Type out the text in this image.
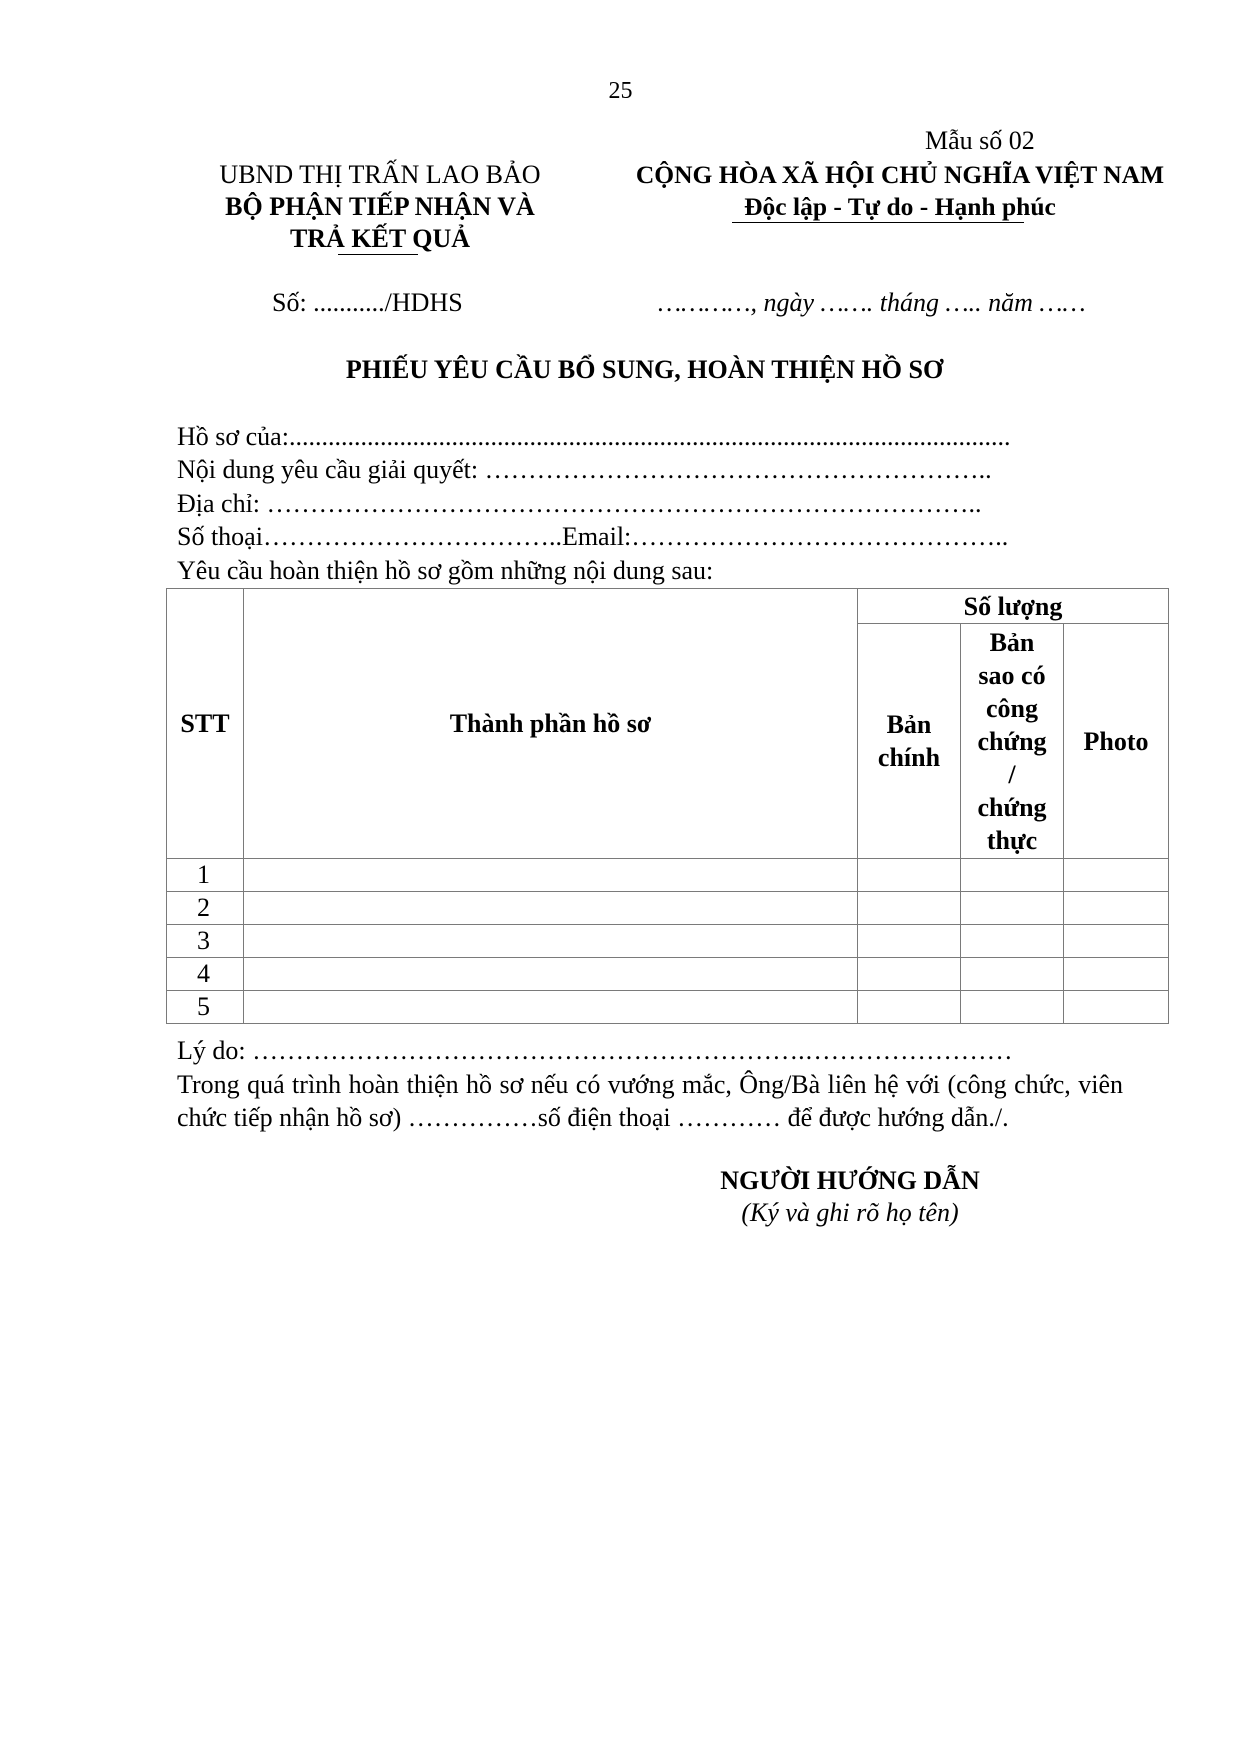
25
Mẫu số 02
UBND THỊ TRẤN LAO BẢO
BỘ PHẬN TIẾP NHẬN VÀ
TRẢ KẾT QUẢ
CỘNG HÒA XÃ HỘI CHỦ NGHĨA VIỆT NAM
Độc lập - Tự do - Hạnh phúc
Số: .........../HDHS	…………, ngày ……. tháng ….. năm ……
PHIẾU YÊU CẦU BỔ SUNG, HOÀN THIỆN HỒ SƠ
Hồ sơ của:...............................................................................................................
Nội dung yêu cầu giải quyết: …………………………………………………..
Địa chỉ: ………………………………………………………………………..
Số thoại……………………………..Email:……………………………………..
Yêu cầu hoàn thiện hồ sơ gồm những nội dung sau:
STT	Thành phần hồ sơ	Số lượng		
		Bản chính	Bản sao có công chứng / chứng thực	Photo
1				
2				
3				
4				
5				
Lý do: ……………………………………………………….……………………
Trong quá trình hoàn thiện hồ sơ nếu có vướng mắc, Ông/Bà liên hệ với (công chức, viên chức tiếp nhận hồ sơ) ……………số điện thoại ………… để được hướng dẫn./.
NGƯỜI HƯỚNG DẪN
(Ký và ghi rõ họ tên)
